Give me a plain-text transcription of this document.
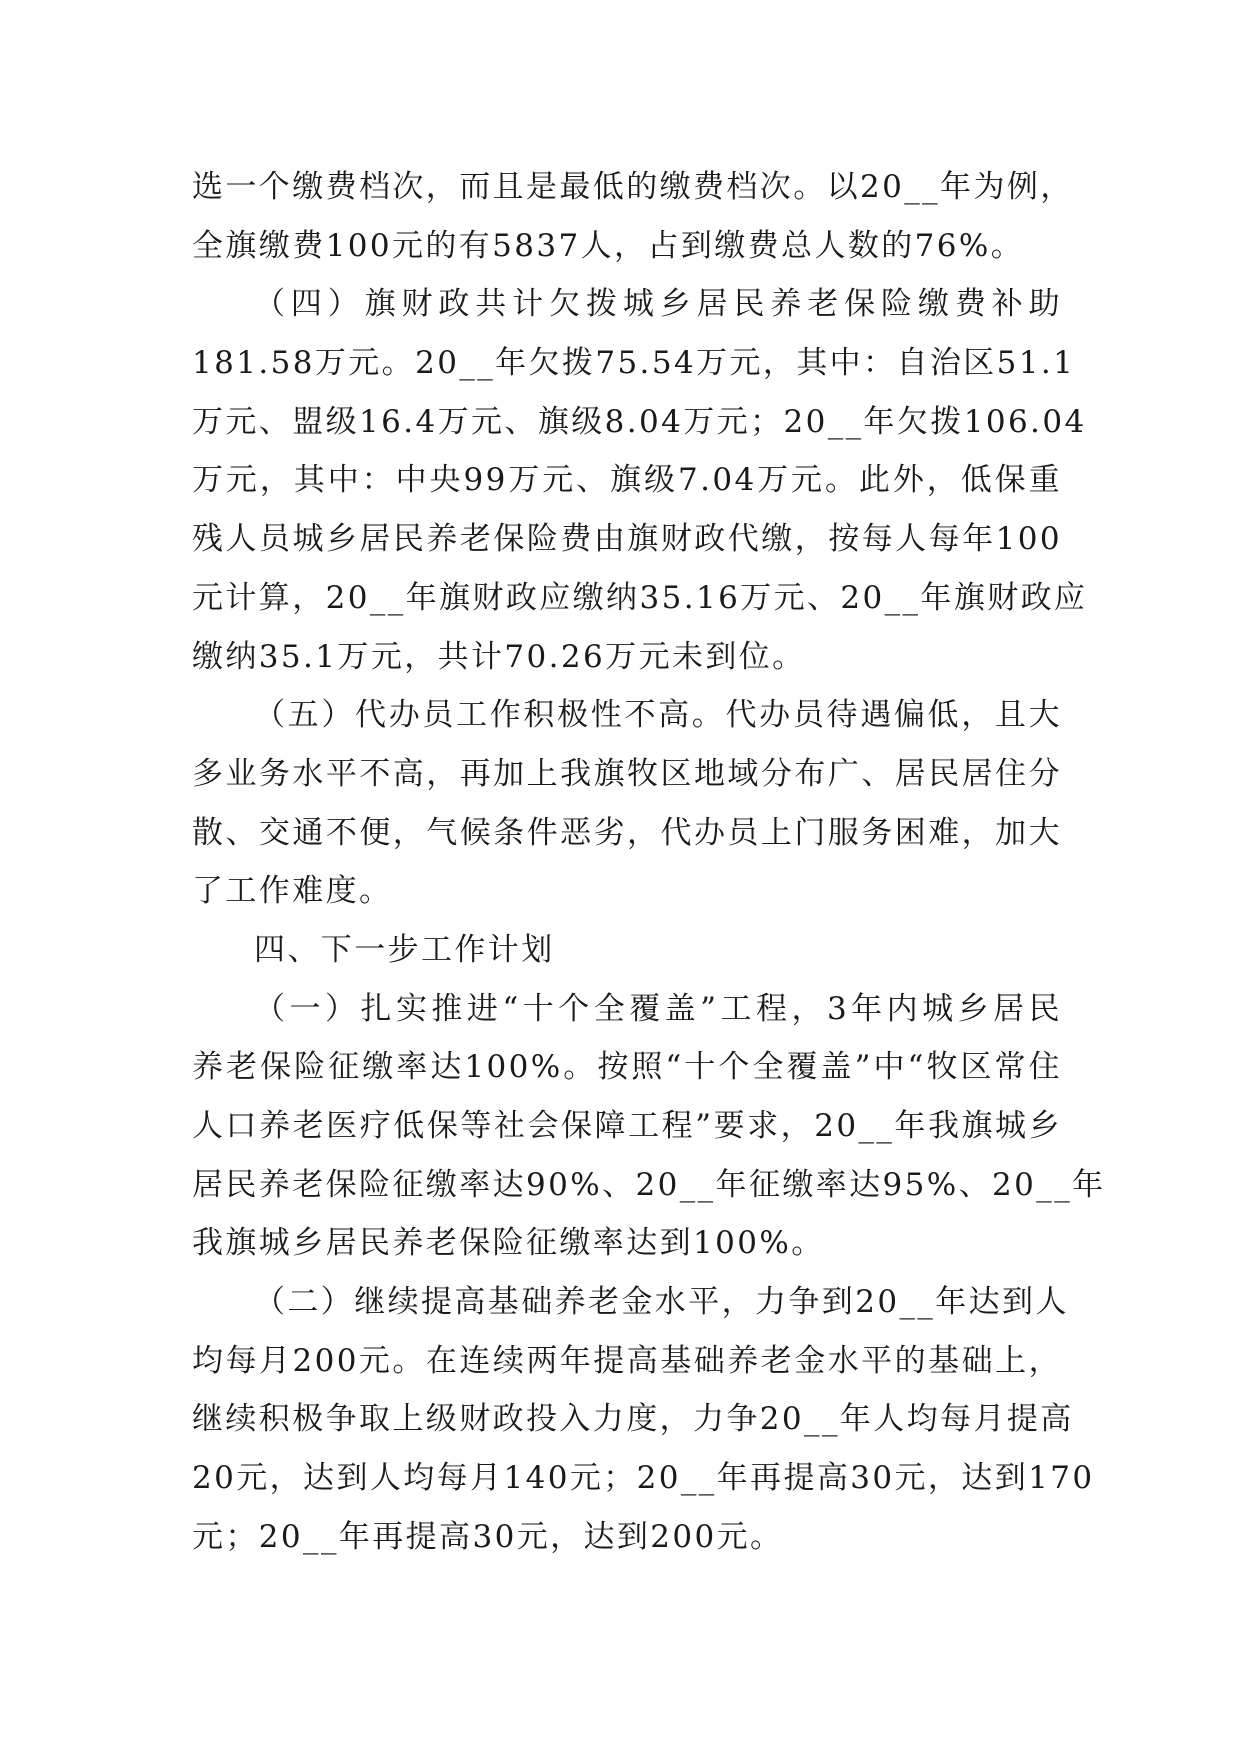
选一个缴费档次，而且是最低的缴费档次。以20__年为例，
全旗缴费100元的有5837人，占到缴费总人数的76%。
（四）旗财政共计欠拨城乡居民养老保险缴费补助
181.58万元。20__年欠拨75.54万元，其中：自治区51.1
万元、盟级16.4万元、旗级8.04万元；20__年欠拨106.04
万元，其中：中央99万元、旗级7.04万元。此外，低保重
残人员城乡居民养老保险费由旗财政代缴，按每人每年100
元计算，20__年旗财政应缴纳35.16万元、20__年旗财政应
缴纳35.1万元，共计70.26万元未到位。
（五）代办员工作积极性不高。代办员待遇偏低，且大
多业务水平不高，再加上我旗牧区地域分布广、居民居住分
散、交通不便，气候条件恶劣，代办员上门服务困难，加大
了工作难度。
四、下一步工作计划
（一）扎实推进“十个全覆盖”工程，3年内城乡居民
养老保险征缴率达100%。按照“十个全覆盖”中“牧区常住
人口养老医疗低保等社会保障工程”要求，20__年我旗城乡
居民养老保险征缴率达90%、20__年征缴率达95%、20__年
我旗城乡居民养老保险征缴率达到100%。
（二）继续提高基础养老金水平，力争到20__年达到人
均每月200元。在连续两年提高基础养老金水平的基础上，
继续积极争取上级财政投入力度，力争20__年人均每月提高
20元，达到人均每月140元；20__年再提高30元，达到170
元；20__年再提高30元，达到200元。
